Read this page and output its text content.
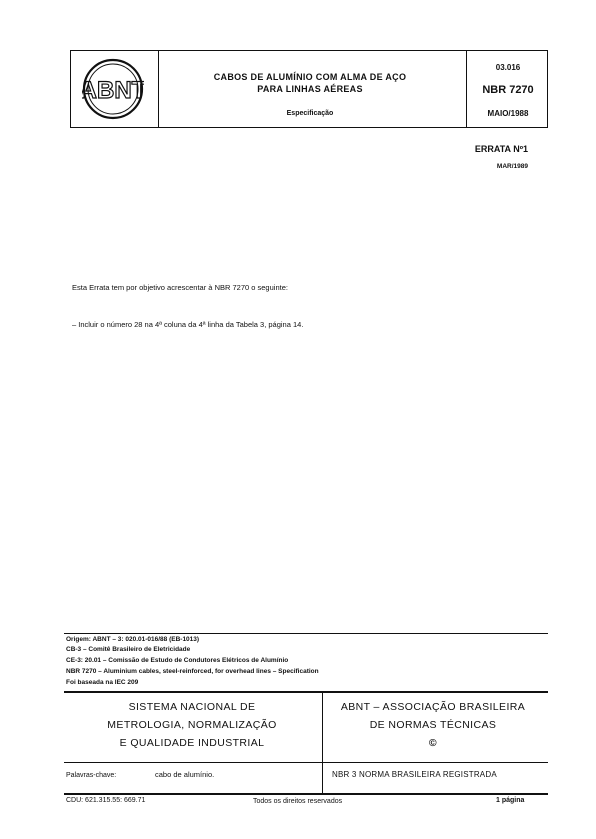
ABNT	CABOS DE ALUMÍNIO COM ALMA DE AÇO
PARA LINHAS AÉREAS
Especificação
03.016
NBR 7270
MAIO/1988
ERRATA Nº1
MAR/1989
Esta Errata tem por objetivo acrescentar à NBR 7270 o seguinte:
– Incluir o número 28 na 4ª coluna da 4ª linha da Tabela 3, página 14.
Origem: ABNT – 3: 020.01-016/88 (EB-1013)
CB-3 – Comitê Brasileiro de Eletricidade
CE-3: 20.01 – Comissão de Estudo de Condutores Elétricos de Alumínio
NBR 7270 – Aluminium cables, steel-reinforced, for overhead lines – Specification
Foi baseada na IEC 209
SISTEMA NACIONAL DE
METROLOGIA, NORMALIZAÇÃO
E QUALIDADE INDUSTRIAL
ABNT – ASSOCIAÇÃO BRASILEIRA
DE NORMAS TÉCNICAS
©
Palavras-chave:	cabo de alumínio.	NBR 3 NORMA BRASILEIRA REGISTRADA
CDU: 621.315.55: 669.71	Todos os direitos reservados	1 página
